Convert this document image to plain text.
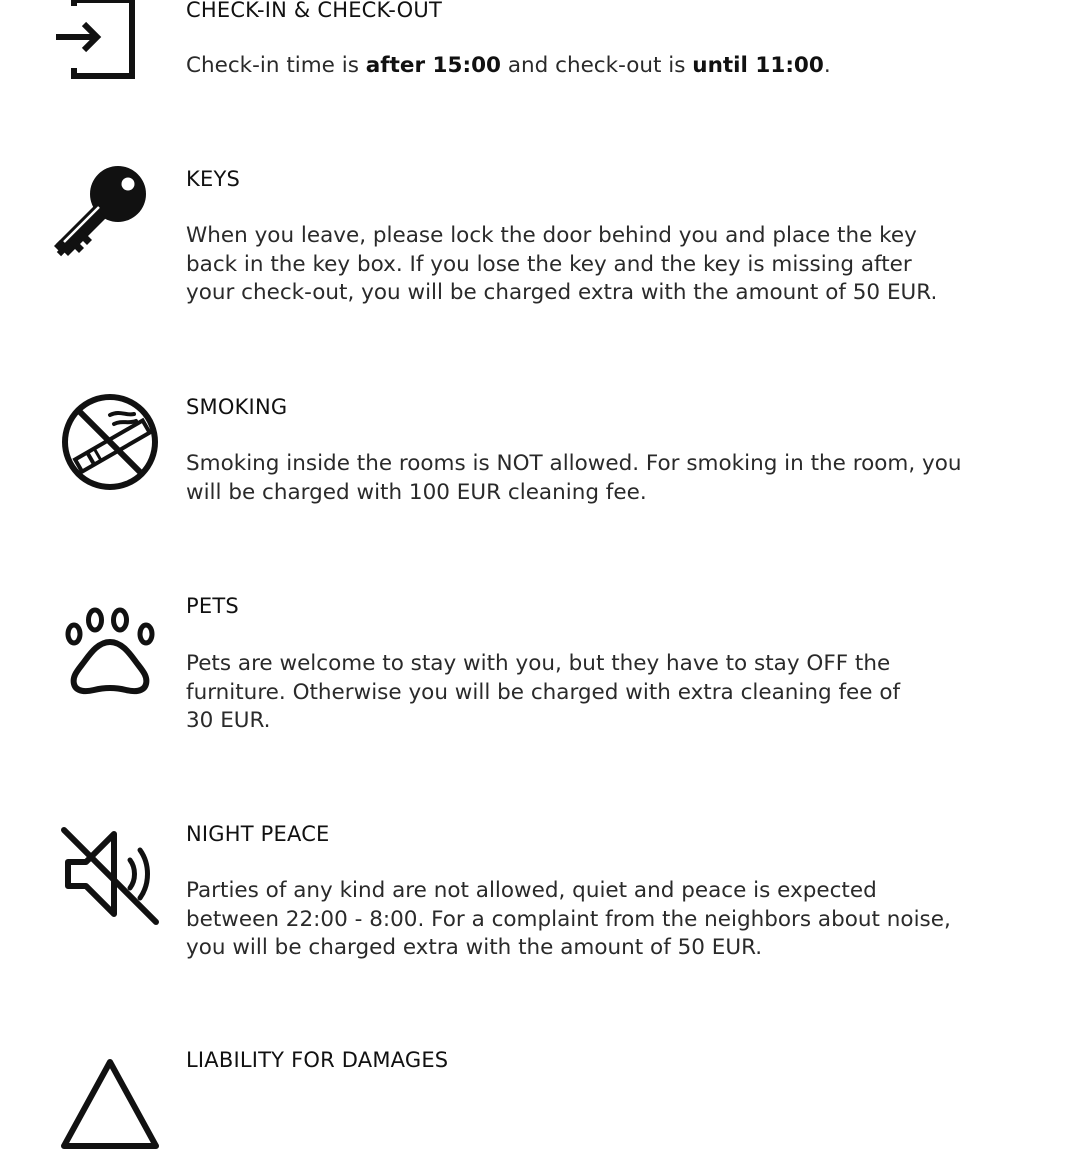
CHECK-IN & CHECK-OUT

Check-in time is after 15:00 and check-out is until 11:00.

KEYS

When you leave, please lock the door behind you and place the key
back in the key box. If you lose the key and the key is missing after
your check-out, you will be charged extra with the amount of 50 EUR.

SMOKING

Smoking inside the rooms is NOT allowed. For smoking in the room, you
will be charged with 100 EUR cleaning fee.

PETS

Pets are welcome to stay with you, but they have to stay OFF the
furniture. Otherwise you will be charged with extra cleaning fee of
30 EUR.

NIGHT PEACE

Parties of any kind are not allowed, quiet and peace is expected
between 22:00 - 8:00. For a complaint from the neighbors about noise,
you will be charged extra with the amount of 50 EUR.

LIABILITY FOR DAMAGES
